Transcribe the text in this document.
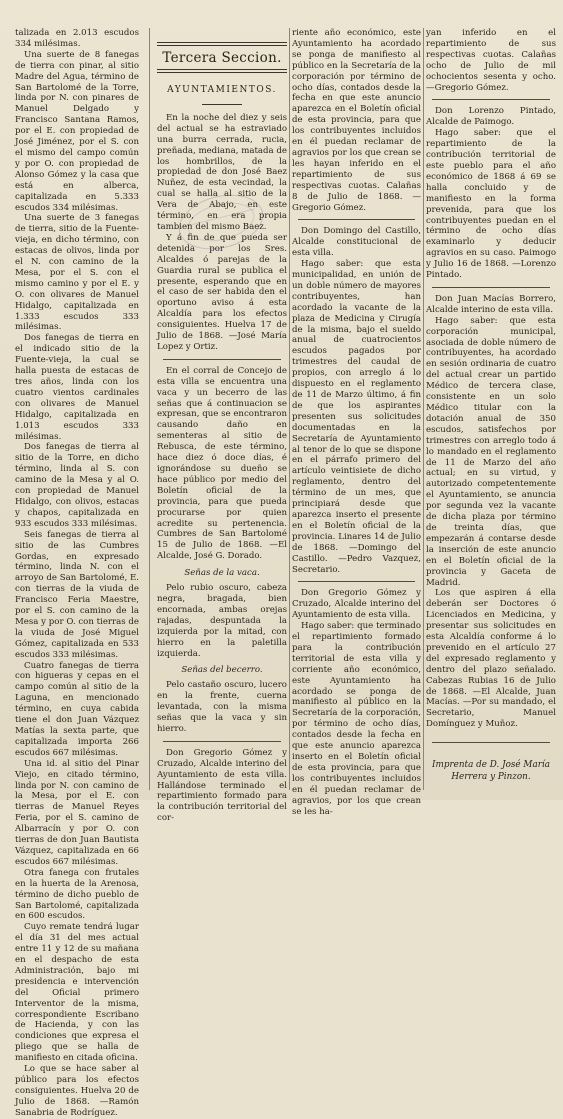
talizada en 2.013 escudos 334 milésimas.

Una suerte de 8 fanegas de tierra con pinar, al sitio Madre del Agua, término de San Bartolomé de la Torre, linda por N. con pinares de Manuel Delgado y Francisco Santana Ramos, por el E. con propiedad de José Jiménez, por el S. con el mismo del campo común y por O. con propiedad de Alonso Gómez y la casa que está en alberca, capitalizada en 5.333 escudos 334 milésimas.

Una suerte de 3 fanegas de tierra, sitio de la Fuente-vieja, en dicho término, con estacas de olivos, linda por el N. con camino de la Mesa, por el S. con el mismo camino y por el E. y O. con olivares de Manuel Hidalgo, capitalizada en 1.333 escudos 333 milésimas.

Dos fanegas de tierra en el indicado sitio de la Fuente-vieja, la cual se halla puesta de estacas de tres años, linda con los cuatro vientos cardinales con olivares de Manuel Hidalgo, capitalizada en 1.013 escudos 333 milésimas.

Dos fanegas de tierra al sitio de la Torre, en dicho término, linda al S. con camino de la Mesa y al O. con propiedad de Manuel Hidalgo, con olivos, estacas y chapos, capitalizada en 933 escudos 333 milésimas.

Seis fanegas de tierra al sitio de las Cumbres Gordas, en expresado término, linda N. con el arroyo de San Bartolomé, E. con tierras de la viuda de Francisco Feria Maestre, por el S. con camino de la Mesa y por O. con tierras de la viuda de José Miguel Gómez, capitalizada en 533 escudos 333 milésimas.

Cuatro fanegas de tierra con higueras y cepas en el campo común al sitio de la Laguna, en mencionado término, en cuya cabida tiene el don Juan Vázquez Matías la sexta parte, que capitalizada importa 266 escudos 667 milésimas.

Una id. al sitio del Pinar Viejo, en citado término, linda por N. con camino de la Mesa, por el E. con tierras de Manuel Reyes Feria, por el S. camino de Albarracín y por O. con tierras de don Juan Bautista Vázquez, capitalizada en 66 escudos 667 milésimas.

Otra fanega con frutales en la huerta de la Arenosa, término de dicho pueblo de San Bartolomé, capitalizada en 600 escudos.

Cuyo remate tendrá lugar el día 31 del mes actual entre 11 y 12 de su mañana en el despacho de esta Administración, bajo mi presidencia e intervención del Oficial primero Interventor de la misma, correspondiente Escribano de Hacienda, y con las condiciones que expresa el pliego que se halla de manifiesto en citada oficina.

Lo que se hace saber al público para los efectos consiguientes. Huelva 20 de Julio de 1868. —Ramón Sanabria de Rodríguez.

Tercera Seccion.
AYUNTAMIENTOS.

En la noche del diez y seis del actual se ha estraviado una burra cerrada, rucia, preñada, mediana, matada de los hombrillos, de la propiedad de don José Baez Nuñez, de esta vecindad, la cual se halla al sitio de la Vera de Abajo, en este término, en era propia tambien del mismo Baez.

Y á fin de que pueda ser detenida por los Sres. Alcaldes ó parejas de la Guardia rural se publica el presente, esperando que en el caso de ser habida den el oportuno aviso á esta Alcaldía para los efectos consiguientes. Huelva 17 de Julio de 1868. —José María Lopez y Ortiz.

En el corral de Concejo de esta villa se encuentra una vaca y un becerro de las señas que á continuacion se expresan, que se encontraron causando daño en sementeras al sitio de Rebusca, de este término, hace diez ó doce días, é ignorándose su dueño se hace público por medio del Boletín oficial de la provincia, para que pueda procurarse por quien acredite su pertenencia. Cumbres de San Bartolomé 15 de Julio de 1868. —El Alcalde, José G. Dorado.

Señas de la vaca.

Pelo rubio oscuro, cabeza negra, bragada, bien encornada, ambas orejas rajadas, despuntada la izquierda por la mitad, con hierro en la paletilla izquierda.

Señas del becerro.

Pelo castaño oscuro, lucero en la frente, cuerna levantada, con la misma señas que la vaca y sin hierro.

Don Gregorio Gómez y Cruzado, Alcalde interino del Ayuntamiento de esta villa. Hallándose terminado el repartimiento formado para la contribución territorial del cor-

riente año económico, este Ayuntamiento ha acordado se ponga de manifiesto al público en la Secretaría de la corporación por término de ocho días, contados desde la fecha en que este anuncio aparezca en el Boletín oficial de esta provincia, para que los contribuyentes incluidos en él puedan reclamar de agravios por los que crean se les hayan inferido en el repartimiento de sus respectivas cuotas. Calañas 8 de Julio de 1868. —Gregorio Gómez.

Don Domingo del Castillo, Alcalde constitucional de esta villa.

Hago saber: que esta municipalidad, en unión de un doble número de mayores contribuyentes, han acordado la vacante de la plaza de Medicina y Cirugía de la misma, bajo el sueldo anual de cuatrocientos escudos pagados por trimestres del caudal de propios, con arreglo á lo dispuesto en el reglamento de 11 de Marzo último, á fin de que los aspirantes presenten sus solicitudes documentadas en la Secretaría de Ayuntamiento al tenor de lo que se dispone en el párrafo primero del artículo veintisiete de dicho reglamento, dentro del término de un mes, que principiará desde que aparezca inserto el presente en el Boletín oficial de la provincia. Linares 14 de Julio de 1868. —Domingo del Castillo. —Pedro Vazquez, Secretario.

Don Gregorio Gómez y Cruzado, Alcalde interino del Ayuntamiento de esta villa.

Hago saber: que terminado el repartimiento formado para la contribución territorial de esta villa y corriente año económico, este Ayuntamiento ha acordado se ponga de manifiesto al público en la Secretaría de la corporación, por término de ocho días, contados desde la fecha en que este anuncio aparezca inserto en el Boletín oficial de esta provincia, para que los contribuyentes incluidos en él puedan reclamar de agravios, por los que crean se les ha-

yan inferido en el repartimiento de sus respectivas cuotas. Calañas ocho de Julio de mil ochocientos sesenta y ocho. —Gregorio Gómez.

Don Lorenzo Pintado, Alcalde de Paimogo.

Hago saber: que el repartimiento de la contribución territorial de este pueblo para el año económico de 1868 á 69 se halla concluido y de manifiesto en la forma prevenida, para que los contribuyentes puedan en el término de ocho días examinarlo y deducir agravios en su caso. Paimogo y Julio 16 de 1868. —Lorenzo Pintado.

Don Juan Macías Borrero, Alcalde interino de esta villa.

Hago saber: que esta corporación municipal, asociada de doble número de contribuyentes, ha acordado en sesión ordinaria de cuatro del actual crear un partido Médico de tercera clase, consistente en un solo Médico titular con la dotación anual de 350 escudos, satisfechos por trimestres con arreglo todo á lo mandado en el reglamento de 11 de Marzo del año actual; en su virtud, y autorizado competentemente el Ayuntamiento, se anuncia por segunda vez la vacante de dicha plaza por término de treinta días, que empezarán á contarse desde la inserción de este anuncio en el Boletín oficial de la provincia y Gaceta de Madrid.

Los que aspiren á ella deberán ser Doctores ó Licenciados en Medicina, y presentar sus solicitudes en esta Alcaldía conforme á lo prevenido en el artículo 27 del expresado reglamento y dentro del plazo señalado. Cabezas Rubias 16 de Julio de 1868. —El Alcalde, Juan Macías. —Por su mandado, el Secretario, Manuel Domínguez y Muñoz.

Imprenta de D. José María

Herrera y Pinzon.
